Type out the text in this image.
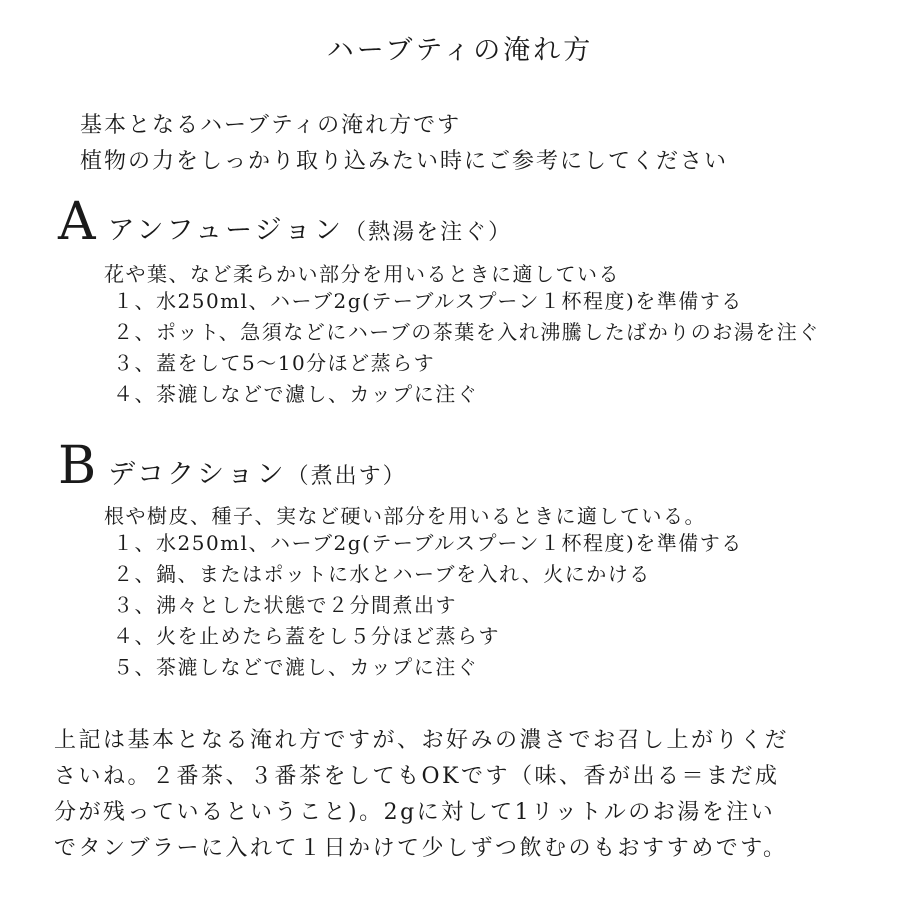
ハーブティの淹れ方
基本となるハーブティの淹れ方です
植物の力をしっかり取り込みたい時にご参考にしてください
A アンフュージョン （熱湯を注ぐ）
花や葉、など柔らかい部分を用いるときに適している
１、水250ml、ハーブ2g(テーブルスプーン１杯程度)を準備する
２、ポット、急須などにハーブの茶葉を入れ沸騰したばかりのお湯を注ぐ
３、蓋をして5～10分ほど蒸らす
４、茶漉しなどで濾し、カップに注ぐ
B デコクション （煮出す）
根や樹皮、種子、実など硬い部分を用いるときに適している。
１、水250ml、ハーブ2g(テーブルスプーン１杯程度)を準備する
２、鍋、またはポットに水とハーブを入れ、火にかける
３、沸々とした状態で２分間煮出す
４、火を止めたら蓋をし５分ほど蒸らす
５、茶漉しなどで漉し、カップに注ぐ
上記は基本となる淹れ方ですが、お好みの濃さでお召し上がりくだ
さいね。２番茶、３番茶をしてもOKです（味、香が出る＝まだ成
分が残っているということ)。2gに対して1リットルのお湯を注い
でタンブラーに入れて１日かけて少しずつ飲むのもおすすめです。
